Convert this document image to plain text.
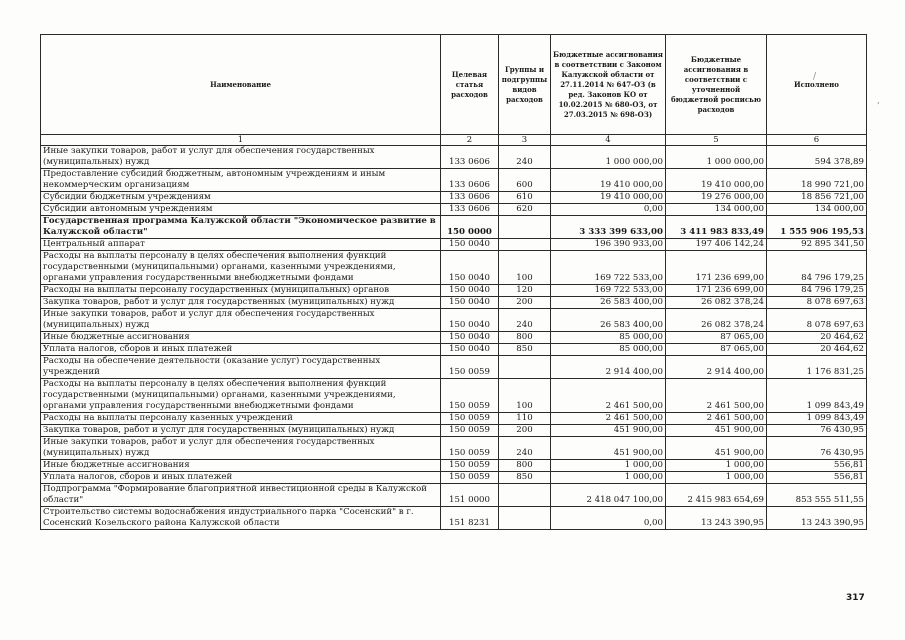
Наименование	Целевая статья расходов	Группы и подгруппы видов расходов	Бюджетные ассигнования в соответствии с Законом Калужской области от 27.11.2014 № 647-ОЗ (в ред. Законов КО от 10.02.2015 № 680-ОЗ, от 27.03.2015 № 698-ОЗ)	Бюджетные ассигнования в соответствии с уточненной бюджетной росписью расходов	Исполнено
1	2	3	4	5	6
Иные закупки товаров, работ и услуг для обеспечения государственных (муниципальных) нужд	133 0606	240	1 000 000,00	1 000 000,00	594 378,89
Предоставление субсидий бюджетным, автономным учреждениям и иным некоммерческим организациям	133 0606	600	19 410 000,00	19 410 000,00	18 990 721,00
Субсидии бюджетным учреждениям	133 0606	610	19 410 000,00	19 276 000,00	18 856 721,00
Субсидии автономным учреждениям	133 0606	620	0,00	134 000,00	134 000,00
Государственная программа Калужской области "Экономическое развитие в Калужской области"	150 0000		3 333 399 633,00	3 411 983 833,49	1 555 906 195,53
Центральный аппарат	150 0040		196 390 933,00	197 406 142,24	92 895 341,50
Расходы на выплаты персоналу в целях обеспечения выполнения функций государственными (муниципальными) органами, казенными учреждениями, органами управления государственными внебюджетными фондами	150 0040	100	169 722 533,00	171 236 699,00	84 796 179,25
Расходы на выплаты персоналу государственных (муниципальных) органов	150 0040	120	169 722 533,00	171 236 699,00	84 796 179,25
Закупка товаров, работ и услуг для государственных (муниципальных) нужд	150 0040	200	26 583 400,00	26 082 378,24	8 078 697,63
Иные закупки товаров, работ и услуг для обеспечения государственных (муниципальных) нужд	150 0040	240	26 583 400,00	26 082 378,24	8 078 697,63
Иные бюджетные ассигнования	150 0040	800	85 000,00	87 065,00	20 464,62
Уплата налогов, сборов и иных платежей	150 0040	850	85 000,00	87 065,00	20 464,62
Расходы на обеспечение деятельности (оказание услуг) государственных учреждений	150 0059		2 914 400,00	2 914 400,00	1 176 831,25
Расходы на выплаты персоналу в целях обеспечения выполнения функций государственными (муниципальными) органами, казенными учреждениями, органами управления государственными внебюджетными фондами	150 0059	100	2 461 500,00	2 461 500,00	1 099 843,49
Расходы на выплаты персоналу казенных учреждений	150 0059	110	2 461 500,00	2 461 500,00	1 099 843,49
Закупка товаров, работ и услуг для государственных (муниципальных) нужд	150 0059	200	451 900,00	451 900,00	76 430,95
Иные закупки товаров, работ и услуг для обеспечения государственных (муниципальных) нужд	150 0059	240	451 900,00	451 900,00	76 430,95
Иные бюджетные ассигнования	150 0059	800	1 000,00	1 000,00	556,81
Уплата налогов, сборов и иных платежей	150 0059	850	1 000,00	1 000,00	556,81
Подпрограмма "Формирование благоприятной инвестиционной среды в Калужской области"	151 0000		2 418 047 100,00	2 415 983 654,69	853 555 511,55
Строительство системы водоснабжения индустриального парка "Сосенский" в г. Сосенский Козельского района Калужской области	151 8231		0,00	13 243 390,95	13 243 390,95
317
,
/
